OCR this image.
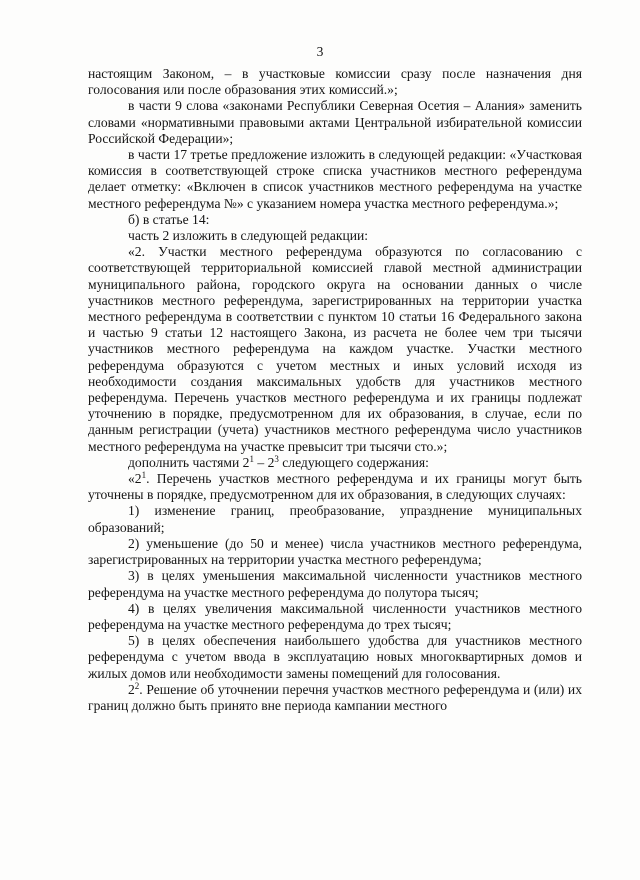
3

настоящим Законом, – в участковые комиссии сразу после назначения дня голосования или после образования этих комиссий.»;

в части 9 слова «законами Республики Северная Осетия – Алания» заменить словами «нормативными правовыми актами Центральной избирательной комиссии Российской Федерации»;

в части 17 третье предложение изложить в следующей редакции: «Участковая комиссия в соответствующей строке списка участников местного референдума делает отметку: «Включен в список участников местного референдума на участке местного референдума №» с указанием номера участка местного референдума.»;

б) в статье 14:

часть 2 изложить в следующей редакции:

«2. Участки местного референдума образуются по согласованию с соответствующей территориальной комиссией главой местной администрации муниципального района, городского округа на основании данных о числе участников местного референдума, зарегистрированных на территории участка местного референдума в соответствии с пунктом 10 статьи 16 Федерального закона и частью 9 статьи 12 настоящего Закона, из расчета не более чем три тысячи участников местного референдума на каждом участке. Участки местного референдума образуются с учетом местных и иных условий исходя из необходимости создания максимальных удобств для участников местного референдума. Перечень участков местного референдума и их границы подлежат уточнению в порядке, предусмотренном для их образования, в случае, если по данным регистрации (учета) участников местного референдума число участников местного референдума на участке превысит три тысячи сто.»;

дополнить частями $2^1 - 2^3$ следующего содержания:

«$2^1$. Перечень участков местного референдума и их границы могут быть уточнены в порядке, предусмотренном для их образования, в следующих случаях:

1) изменение границ, преобразование, упразднение муниципальных образований;

2) уменьшение (до 50 и менее) числа участников местного референдума, зарегистрированных на территории участка местного референдума;

3) в целях уменьшения максимальной численности участников местного референдума на участке местного референдума до полутора тысяч;

4) в целях увеличения максимальной численности участников местного референдума на участке местного референдума до трех тысяч;

5) в целях обеспечения наибольшего удобства для участников местного референдума с учетом ввода в эксплуатацию новых многоквартирных домов и жилых домов или необходимости замены помещений для голосования.

$2^2$. Решение об уточнении перечня участков местного референдума и (или) их границ должно быть принято вне периода кампании местного
